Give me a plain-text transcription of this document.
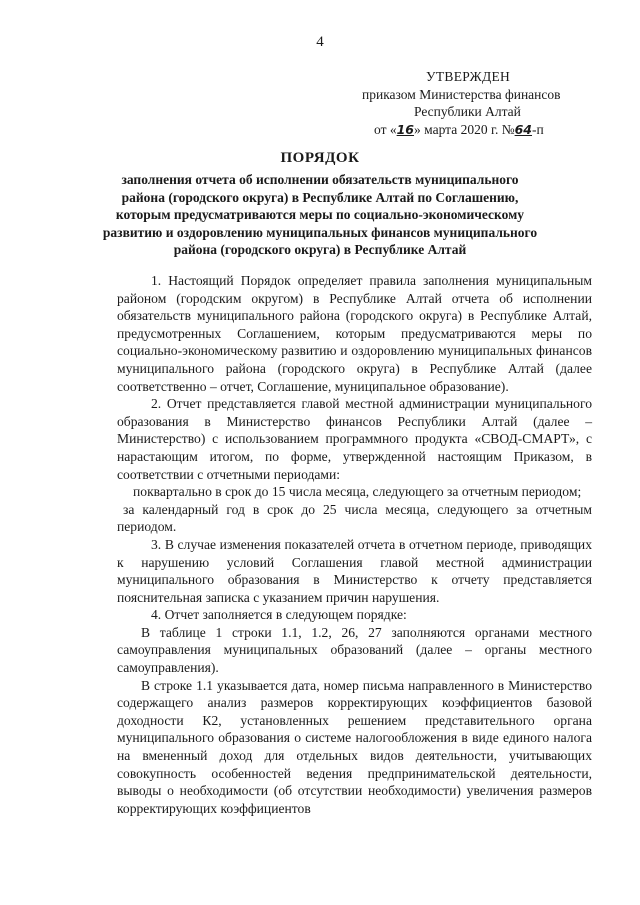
4
УТВЕРЖДЕН
приказом Министерства финансов
Республики Алтай
от «16» марта 2020 г. №64-п
ПОРЯДОК
заполнения отчета об исполнении обязательств муниципального района (городского округа) в Республике Алтай по Соглашению, которым предусматриваются меры по социально-экономическому развитию и оздоровлению муниципальных финансов муниципального района (городского округа) в Республике Алтай

1. Настоящий Порядок определяет правила заполнения муниципальным районом (городским округом) в Республике Алтай отчета об исполнении обязательств муниципального района (городского округа) в Республике Алтай, предусмотренных Соглашением, которым предусматриваются меры по социально-экономическому развитию и оздоровлению муниципальных финансов муниципального района (городского округа) в Республике Алтай (далее соответственно – отчет, Соглашение, муниципальное образование).

2. Отчет представляется главой местной администрации муниципального образования в Министерство финансов Республики Алтай (далее – Министерство) с использованием программного продукта «СВОД-СМАРТ», с нарастающим итогом, по форме, утвержденной настоящим Приказом, в соответствии с отчетными периодами:

поквартально в срок до 15 числа месяца, следующего за отчетным периодом;

за календарный год в срок до 25 числа месяца, следующего за отчетным периодом.

3. В случае изменения показателей отчета в отчетном периоде, приводящих к нарушению условий Соглашения главой местной администрации муниципального образования в Министерство к отчету представляется пояснительная записка с указанием причин нарушения.

4. Отчет заполняется в следующем порядке:

В таблице 1 строки 1.1, 1.2, 26, 27 заполняются органами местного самоуправления муниципальных образований (далее – органы местного самоуправления).

В строке 1.1 указывается дата, номер письма направленного в Министерство содержащего анализ размеров корректирующих коэффициентов базовой доходности К2, установленных решением представительного органа муниципального образования о системе налогообложения в виде единого налога на вмененный доход для отдельных видов деятельности, учитывающих совокупность особенностей ведения предпринимательской деятельности, выводы о необходимости (об отсутствии необходимости) увеличения размеров корректирующих коэффициентов
